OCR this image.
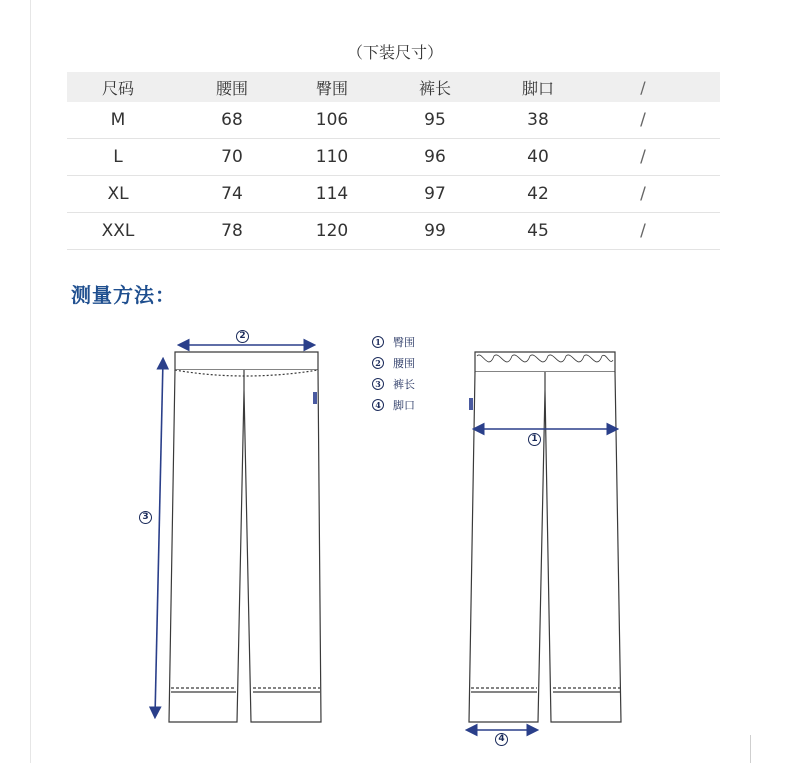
（下装尺寸）
尺码	腰围	臀围	裤长	脚口	/
M	68	106	95	38	/
L	70	110	96	40	/
XL	74	114	97	42	/
XXL	78	120	99	45	/
测量方法：
2
3
1
4
1 臀围
2 腰围
3 裤长
4 脚口
